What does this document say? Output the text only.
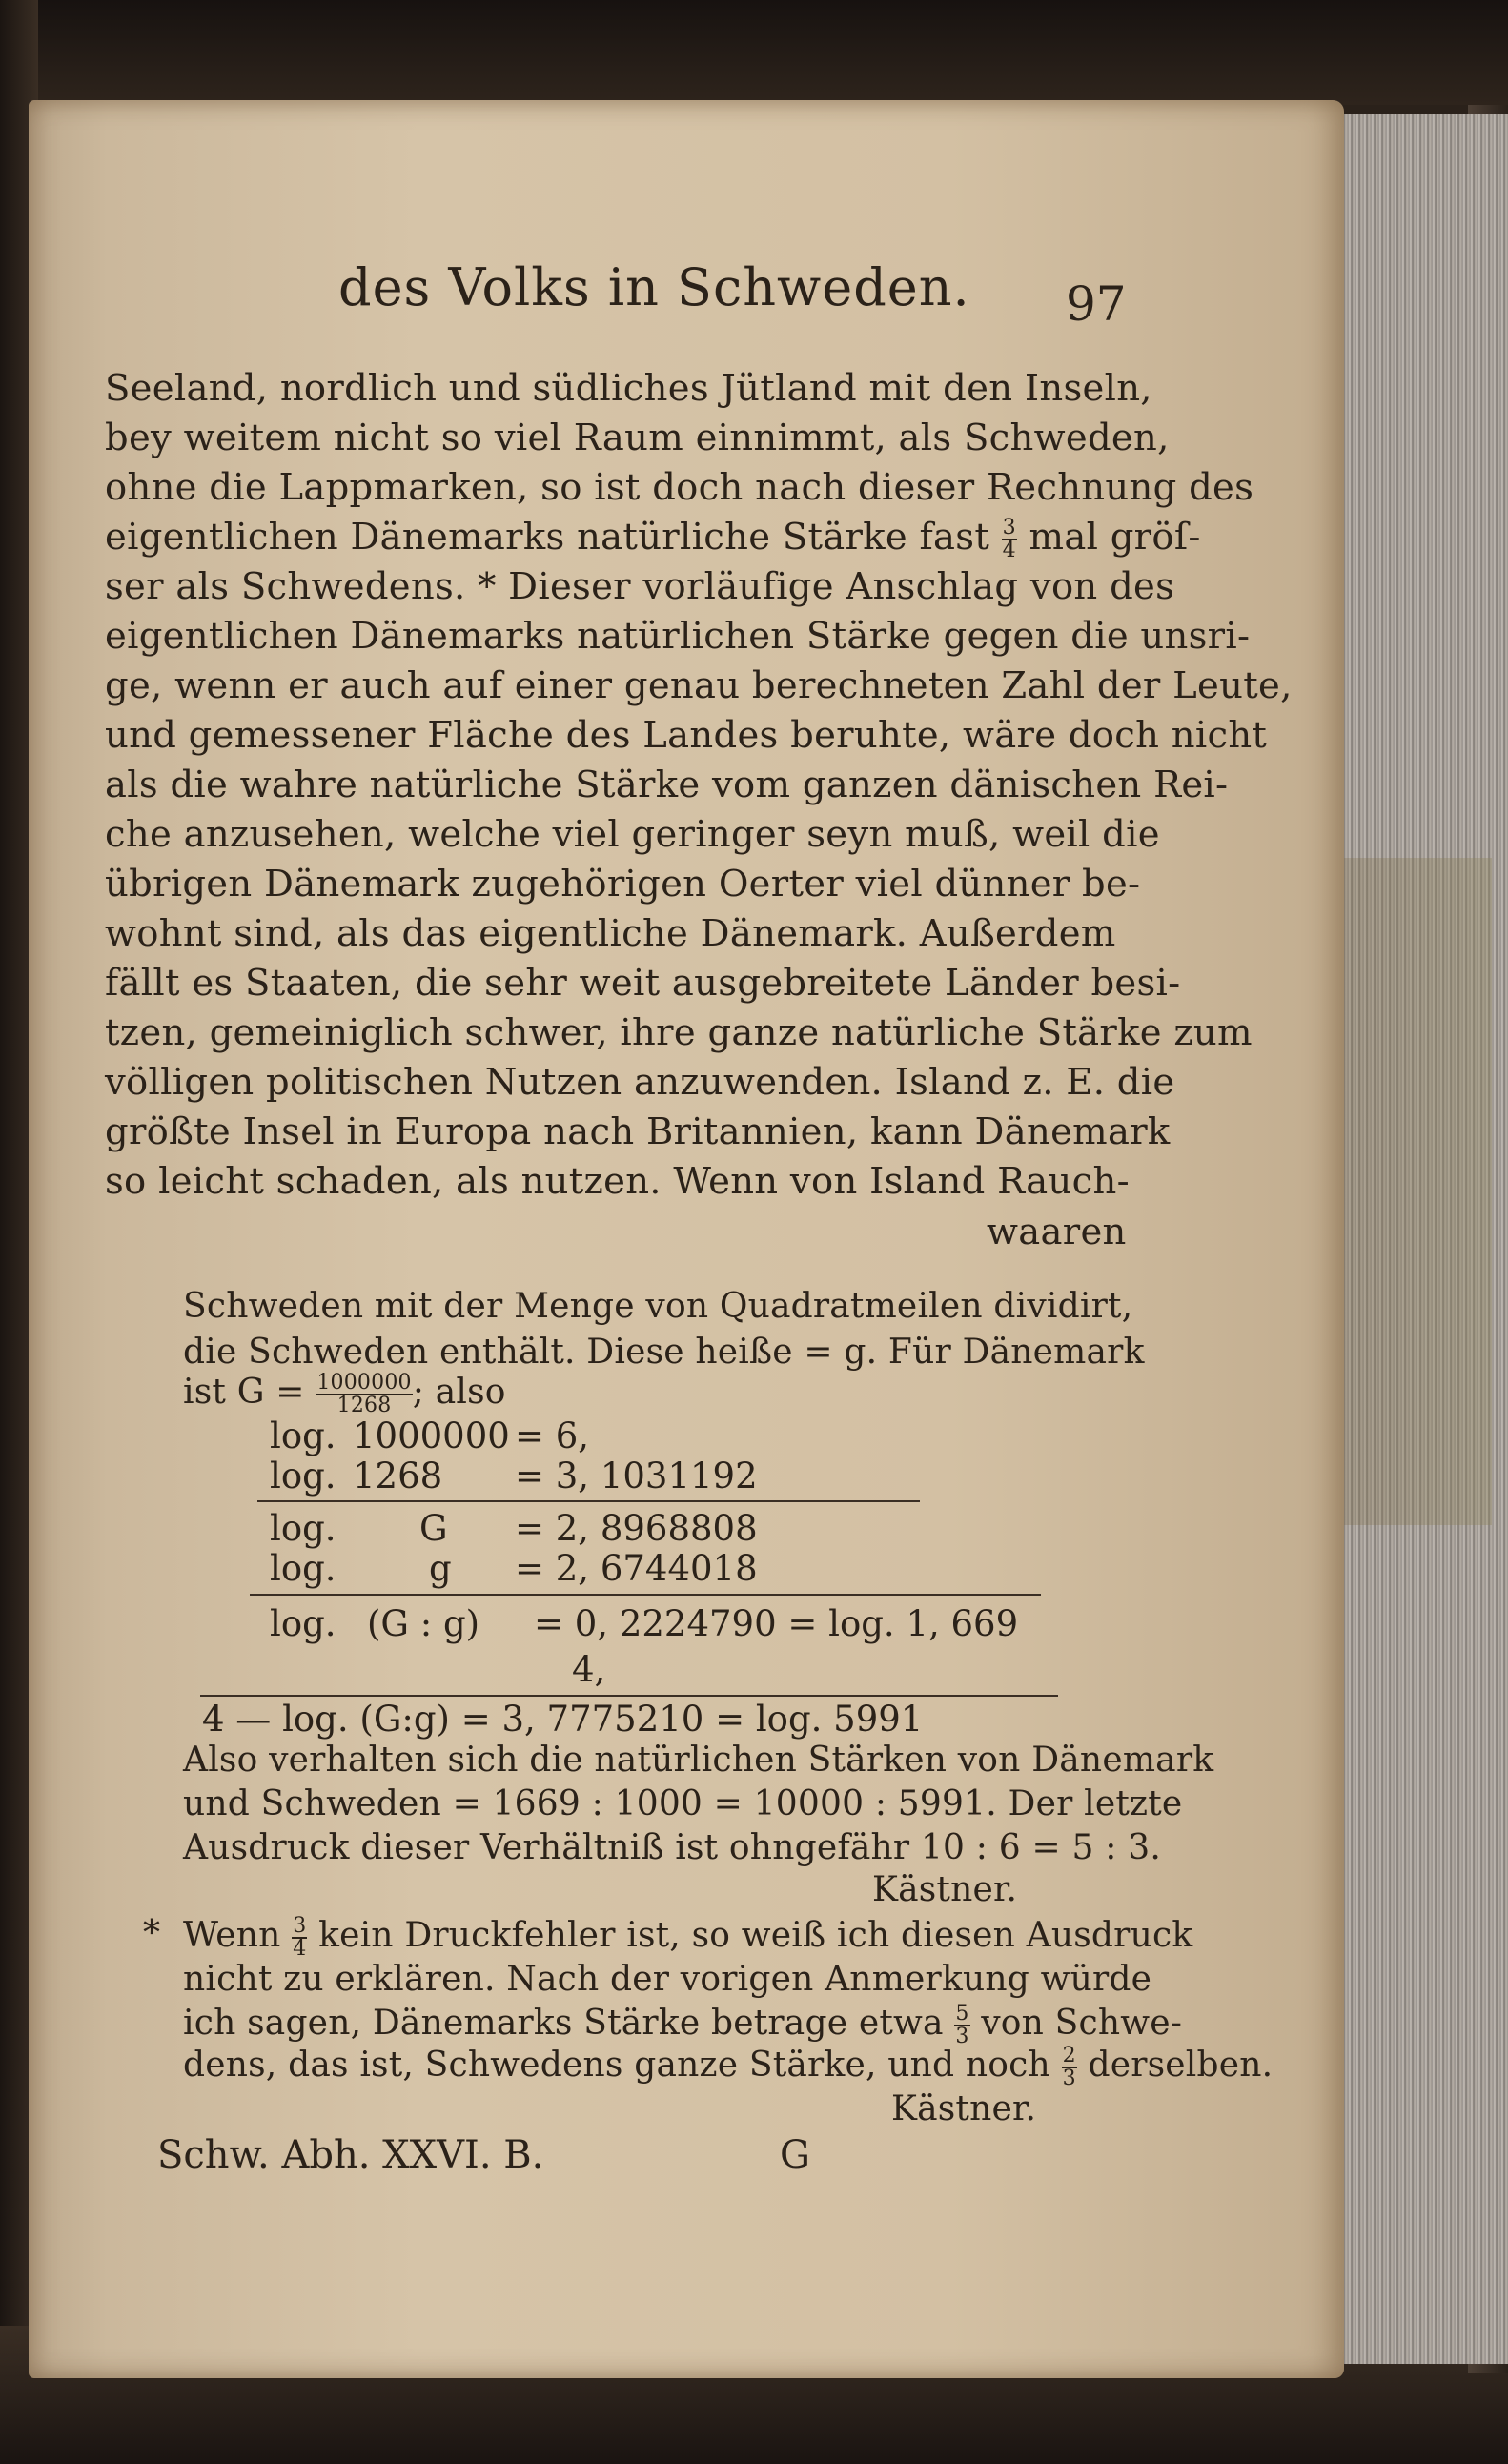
des Volks in Schweden. 97
Seeland, nordlich und südliches Jütland mit den Inseln,
bey weitem nicht so viel Raum einnimmt, als Schweden,
ohne die Lappmarken, so ist doch nach dieser Rechnung des
eigentlichen Dänemarks natürliche Stärke fast $\frac{3}{4}$ mal gröſ-
ser als Schwedens. * Dieser vorläufige Anschlag von des
eigentlichen Dänemarks natürlichen Stärke gegen die unsri-
ge, wenn er auch auf einer genau berechneten Zahl der Leute,
und gemessener Fläche des Landes beruhte, wäre doch nicht
als die wahre natürliche Stärke vom ganzen dänischen Rei-
che anzusehen, welche viel geringer seyn muß, weil die
übrigen Dänemark zugehörigen Oerter viel dünner be-
wohnt sind, als das eigentliche Dänemark. Außerdem
fällt es Staaten, die sehr weit ausgebreitete Länder besi-
tzen, gemeiniglich schwer, ihre ganze natürliche Stärke zum
völligen politischen Nutzen anzuwenden. Island z. E. die
größte Insel in Europa nach Britannien, kann Dänemark
so leicht schaden, als nutzen. Wenn von Island Rauch-
waaren
Schweden mit der Menge von Quadratmeilen dividirt,
die Schweden enthält. Diese heiße = g. Für Dänemark
ist $G = \frac{1000000}{1268}$ ; also
log. 1000000 = 6,
log. 1268 = 3, 1031192
log. G = 2, 8968808
log.	g = 2, 6744018
log. (G : g) = 0, 2224790 = log. 1, 669
4,
4 — log. (G:g) = 3, 7775210 = log. 5991
Also verhalten sich die natürlichen Stärken von Dänemark
und Schweden = 1669 : 1000 = 10000 : 5991. Der letzte
Ausdruck dieser Verhältniß ist ohngefähr 10 : 6 = 5 : 3.
Kästner.
* Wenn $\frac{3}{4}$ kein Druckfehler ist, so weiß ich diesen Ausdruck
nicht zu erklären. Nach der vorigen Anmerkung würde
ich sagen, Dänemarks Stärke betrage etwa $\frac{5}{3}$ von Schwe-
dens, das ist, Schwedens ganze Stärke, und noch $\frac{2}{3}$ derselben.
Kästner.
Schw. Abh. XXVI. B.	G
